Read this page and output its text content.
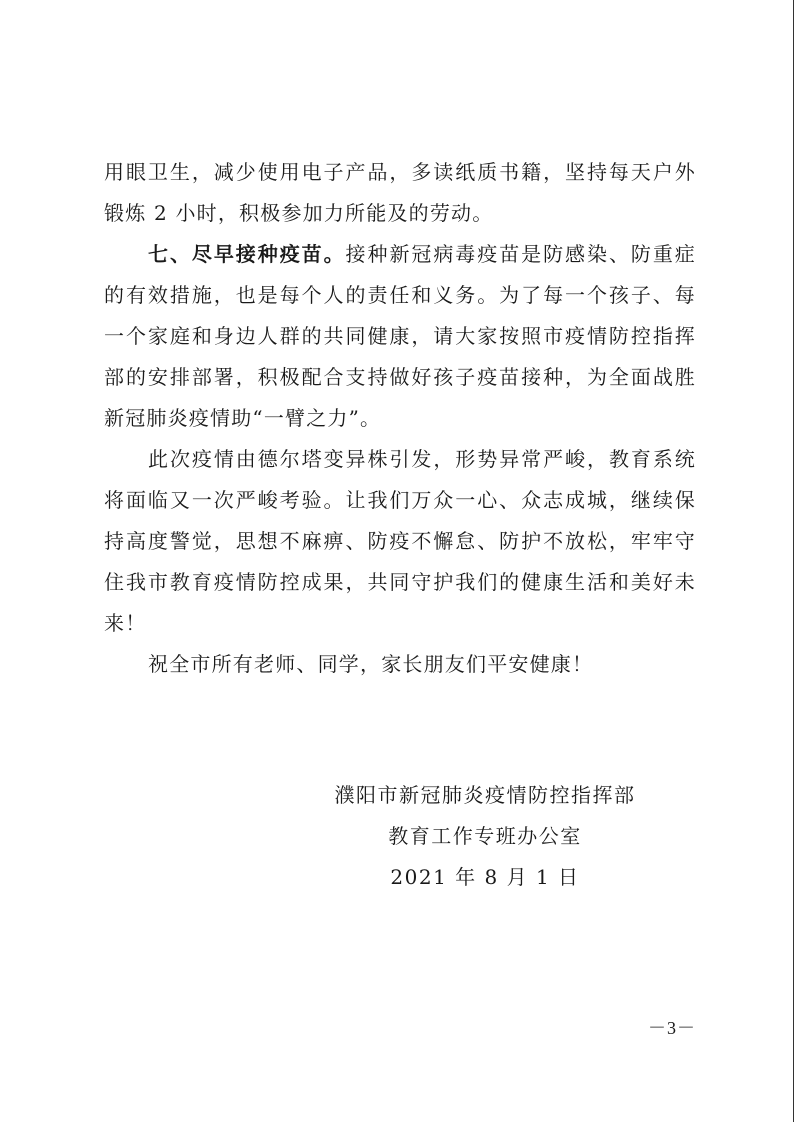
用眼卫生，减少使用电子产品，多读纸质书籍，坚持每天户外锻炼 2 小时，积极参加力所能及的劳动。

七、尽早接种疫苗。接种新冠病毒疫苗是防感染、防重症的有效措施，也是每个人的责任和义务。为了每一个孩子、每一个家庭和身边人群的共同健康，请大家按照市疫情防控指挥部的安排部署，积极配合支持做好孩子疫苗接种，为全面战胜新冠肺炎疫情助“一臂之力”。

此次疫情由德尔塔变异株引发，形势异常严峻，教育系统将面临又一次严峻考验。让我们万众一心、众志成城，继续保持高度警觉，思想不麻痹、防疫不懈怠、防护不放松，牢牢守住我市教育疫情防控成果，共同守护我们的健康生活和美好未来！

祝全市所有老师、同学，家长朋友们平安健康！

濮阳市新冠肺炎疫情防控指挥部
教育工作专班办公室
2021 年 8 月 1 日
－3－
